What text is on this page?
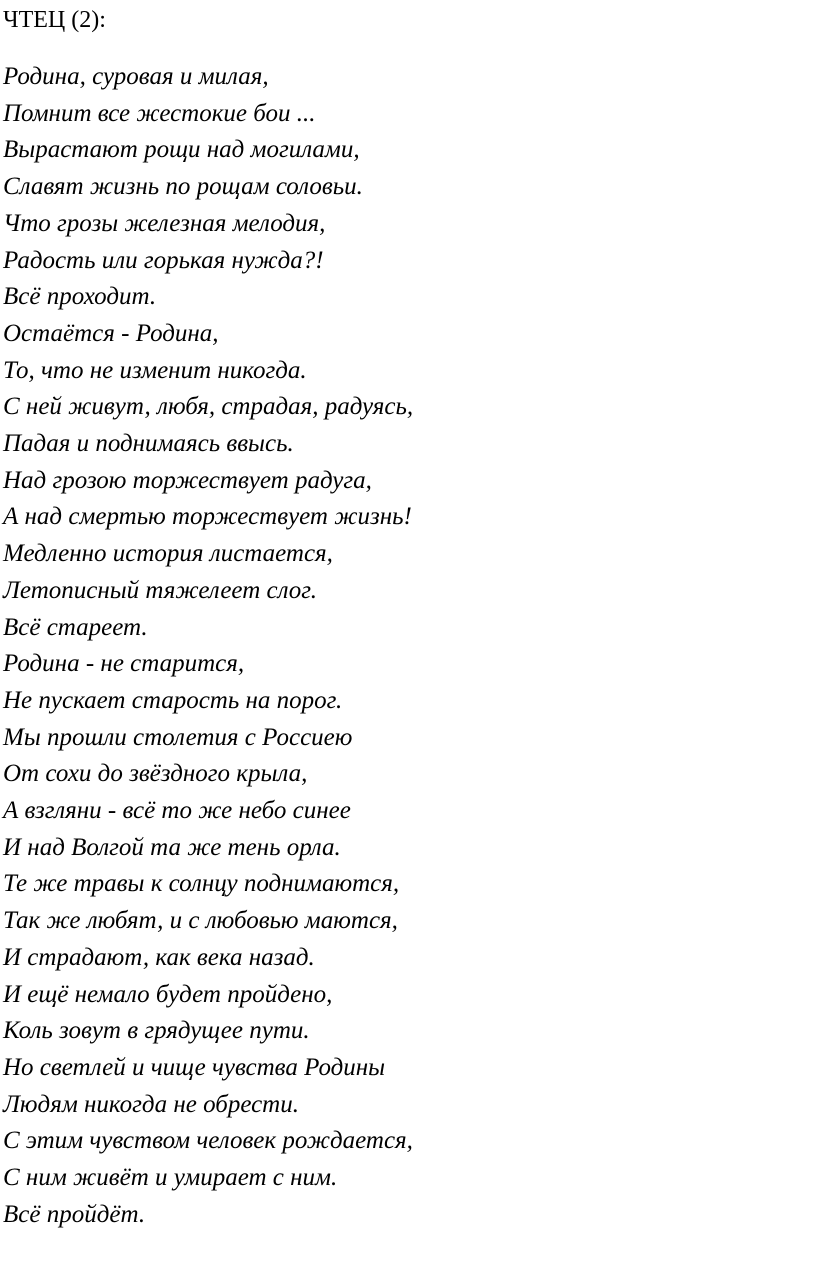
ЧТЕЦ (2):
Родина, суровая и милая,
Помнит все жестокие бои ...
Вырастают рощи над могилами,
Славят жизнь по рощам соловьи.
Что грозы железная мелодия,
Радость или горькая нужда?!
Всё проходит.
Остаётся - Родина,
То, что не изменит никогда.
С ней живут, любя, страдая, радуясь,
Падая и поднимаясь ввысь.
Над грозою торжествует радуга,
А над смертью торжествует жизнь!
Медленно история листается,
Летописный тяжелеет слог.
Всё стареет.
Родина - не старится,
Не пускает старость на порог.
Мы прошли столетия с Россиею
От сохи до звёздного крыла,
А взгляни - всё то же небо синее
И над Волгой та же тень орла.
Те же травы к солнцу поднимаются,
Так же любят, и с любовью маются,
И страдают, как века назад.
И ещё немало будет пройдено,
Коль зовут в грядущее пути.
Но светлей и чище чувства Родины
Людям никогда не обрести.
С этим чувством человек рождается,
С ним живёт и умирает с ним.
Всё пройдёт.
